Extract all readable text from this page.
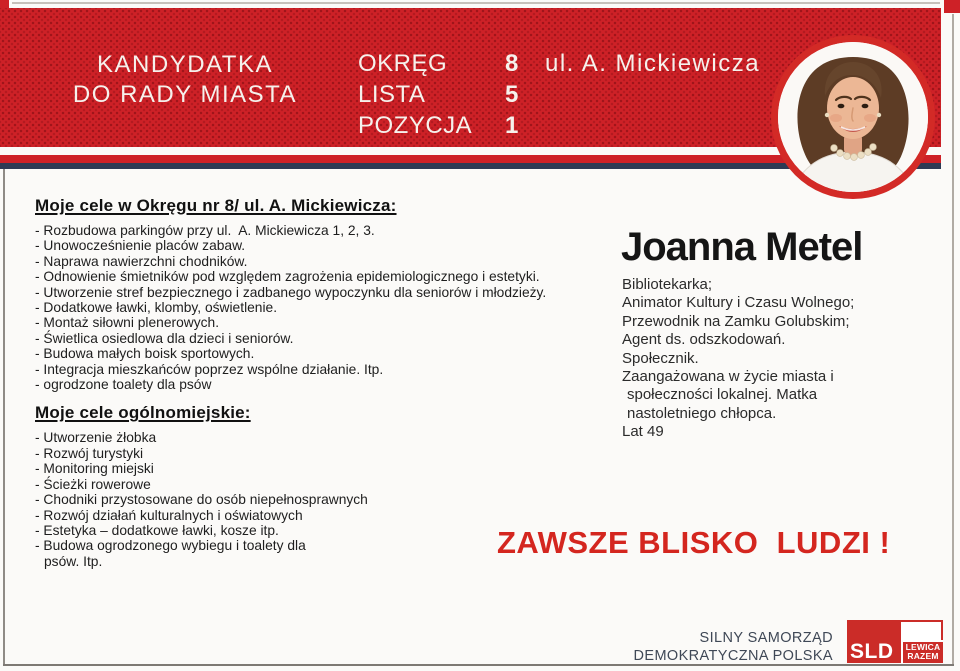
KANDYDATKA
DO RADY MIASTA
OKRĘG	8
LISTA	5
POZYCJA	1
ul. A. Mickiewicza
Moje cele w Okręgu nr 8/ ul. A. Mickiewicza:
- Rozbudowa parkingów przy ul.  A. Mickiewicza 1, 2, 3.
- Unowocześnienie placów zabaw.
- Naprawa nawierzchni chodników.
- Odnowienie śmietników pod względem zagrożenia epidemiologicznego i estetyki.
- Utworzenie stref bezpiecznego i zadbanego wypoczynku dla seniorów i młodzieży.
- Dodatkowe ławki, klomby, oświetlenie.
- Montaż siłowni plenerowych.
- Świetlica osiedlowa dla dzieci i seniorów.
- Budowa małych boisk sportowych.
- Integracja mieszkańców poprzez wspólne działanie. Itp.
- ogrodzone toalety dla psów
Moje cele ogólnomiejskie:
- Utworzenie żłobka
- Rozwój turystyki
- Monitoring miejski
- Ścieżki rowerowe
- Chodniki przystosowane do osób niepełnosprawnych
- Rozwój działań kulturalnych i oświatowych
- Estetyka – dodatkowe ławki, kosze itp.
- Budowa ogrodzonego wybiegu i toalety dla
psów. Itp.
Joanna Metel
Bibliotekarka;
Animator Kultury i Czasu Wolnego;
Przewodnik na Zamku Golubskim;
Agent ds. odszkodowań.
Społecznik.
Zaangażowana w życie miasta i
społeczności lokalnej. Matka
nastoletniego chłopca.
Lat 49
ZAWSZE BLISKO  LUDZI !
SILNY SAMORZĄD
DEMOKRATYCZNA POLSKA SLD	LEWICA
RAZEM
